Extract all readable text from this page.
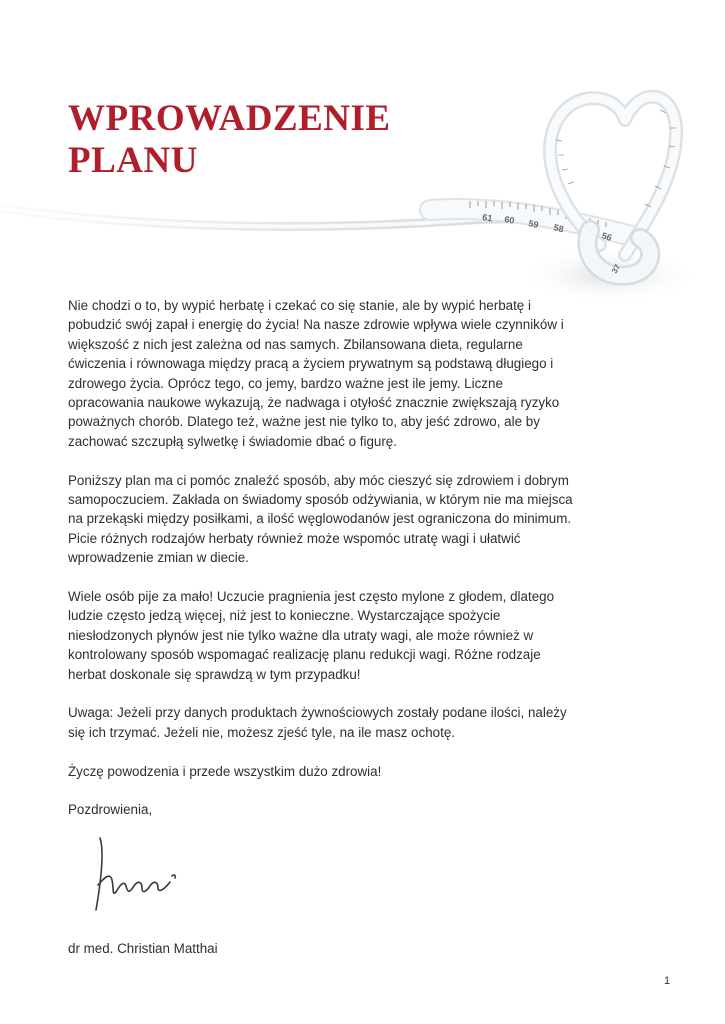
WPROWADZENIE
PLANU
61 60 59 58 57 56
37

Nie chodzi o to, by wypić herbatę i czekać co się stanie, ale by wypić herbatę i pobudzić swój zapał i energię do życia! Na nasze zdrowie wpływa wiele czynników i większość z nich jest zależna od nas samych. Zbilansowana dieta, regularne ćwiczenia i równowaga między pracą a życiem prywatnym są podstawą długiego i zdrowego życia. Oprócz tego, co jemy, bardzo ważne jest ile jemy. Liczne opracowania naukowe wykazują, że nadwaga i otyłość znacznie zwiększają ryzyko poważnych chorób. Dlatego też, ważne jest nie tylko to, aby jeść zdrowo, ale by zachować szczupłą sylwetkę i świadomie dbać o figurę.

Poniższy plan ma ci pomóc znaleźć sposób, aby móc cieszyć się zdrowiem i dobrym samopoczuciem. Zakłada on świadomy sposób odżywiania, w którym nie ma miejsca na przekąski między posiłkami, a ilość węglowodanów jest ograniczona do minimum. Picie różnych rodzajów herbaty również może wspomóc utratę wagi i ułatwić wprowadzenie zmian w diecie.

Wiele osób pije za mało! Uczucie pragnienia jest często mylone z głodem, dlatego ludzie często jedzą więcej, niż jest to konieczne. Wystarczające spożycie niesłodzonych płynów jest nie tylko ważne dla utraty wagi, ale może również w kontrolowany sposób wspomagać realizację planu redukcji wagi. Różne rodzaje herbat doskonale się sprawdzą w tym przypadku!

Uwaga: Jeżeli przy danych produktach żywnościowych zostały podane ilości, należy się ich trzymać. Jeżeli nie, możesz zjeść tyle, na ile masz ochotę.

Życzę powodzenia i przede wszystkim dużo zdrowia!

Pozdrowienia,

dr med. Christian Matthai
1
